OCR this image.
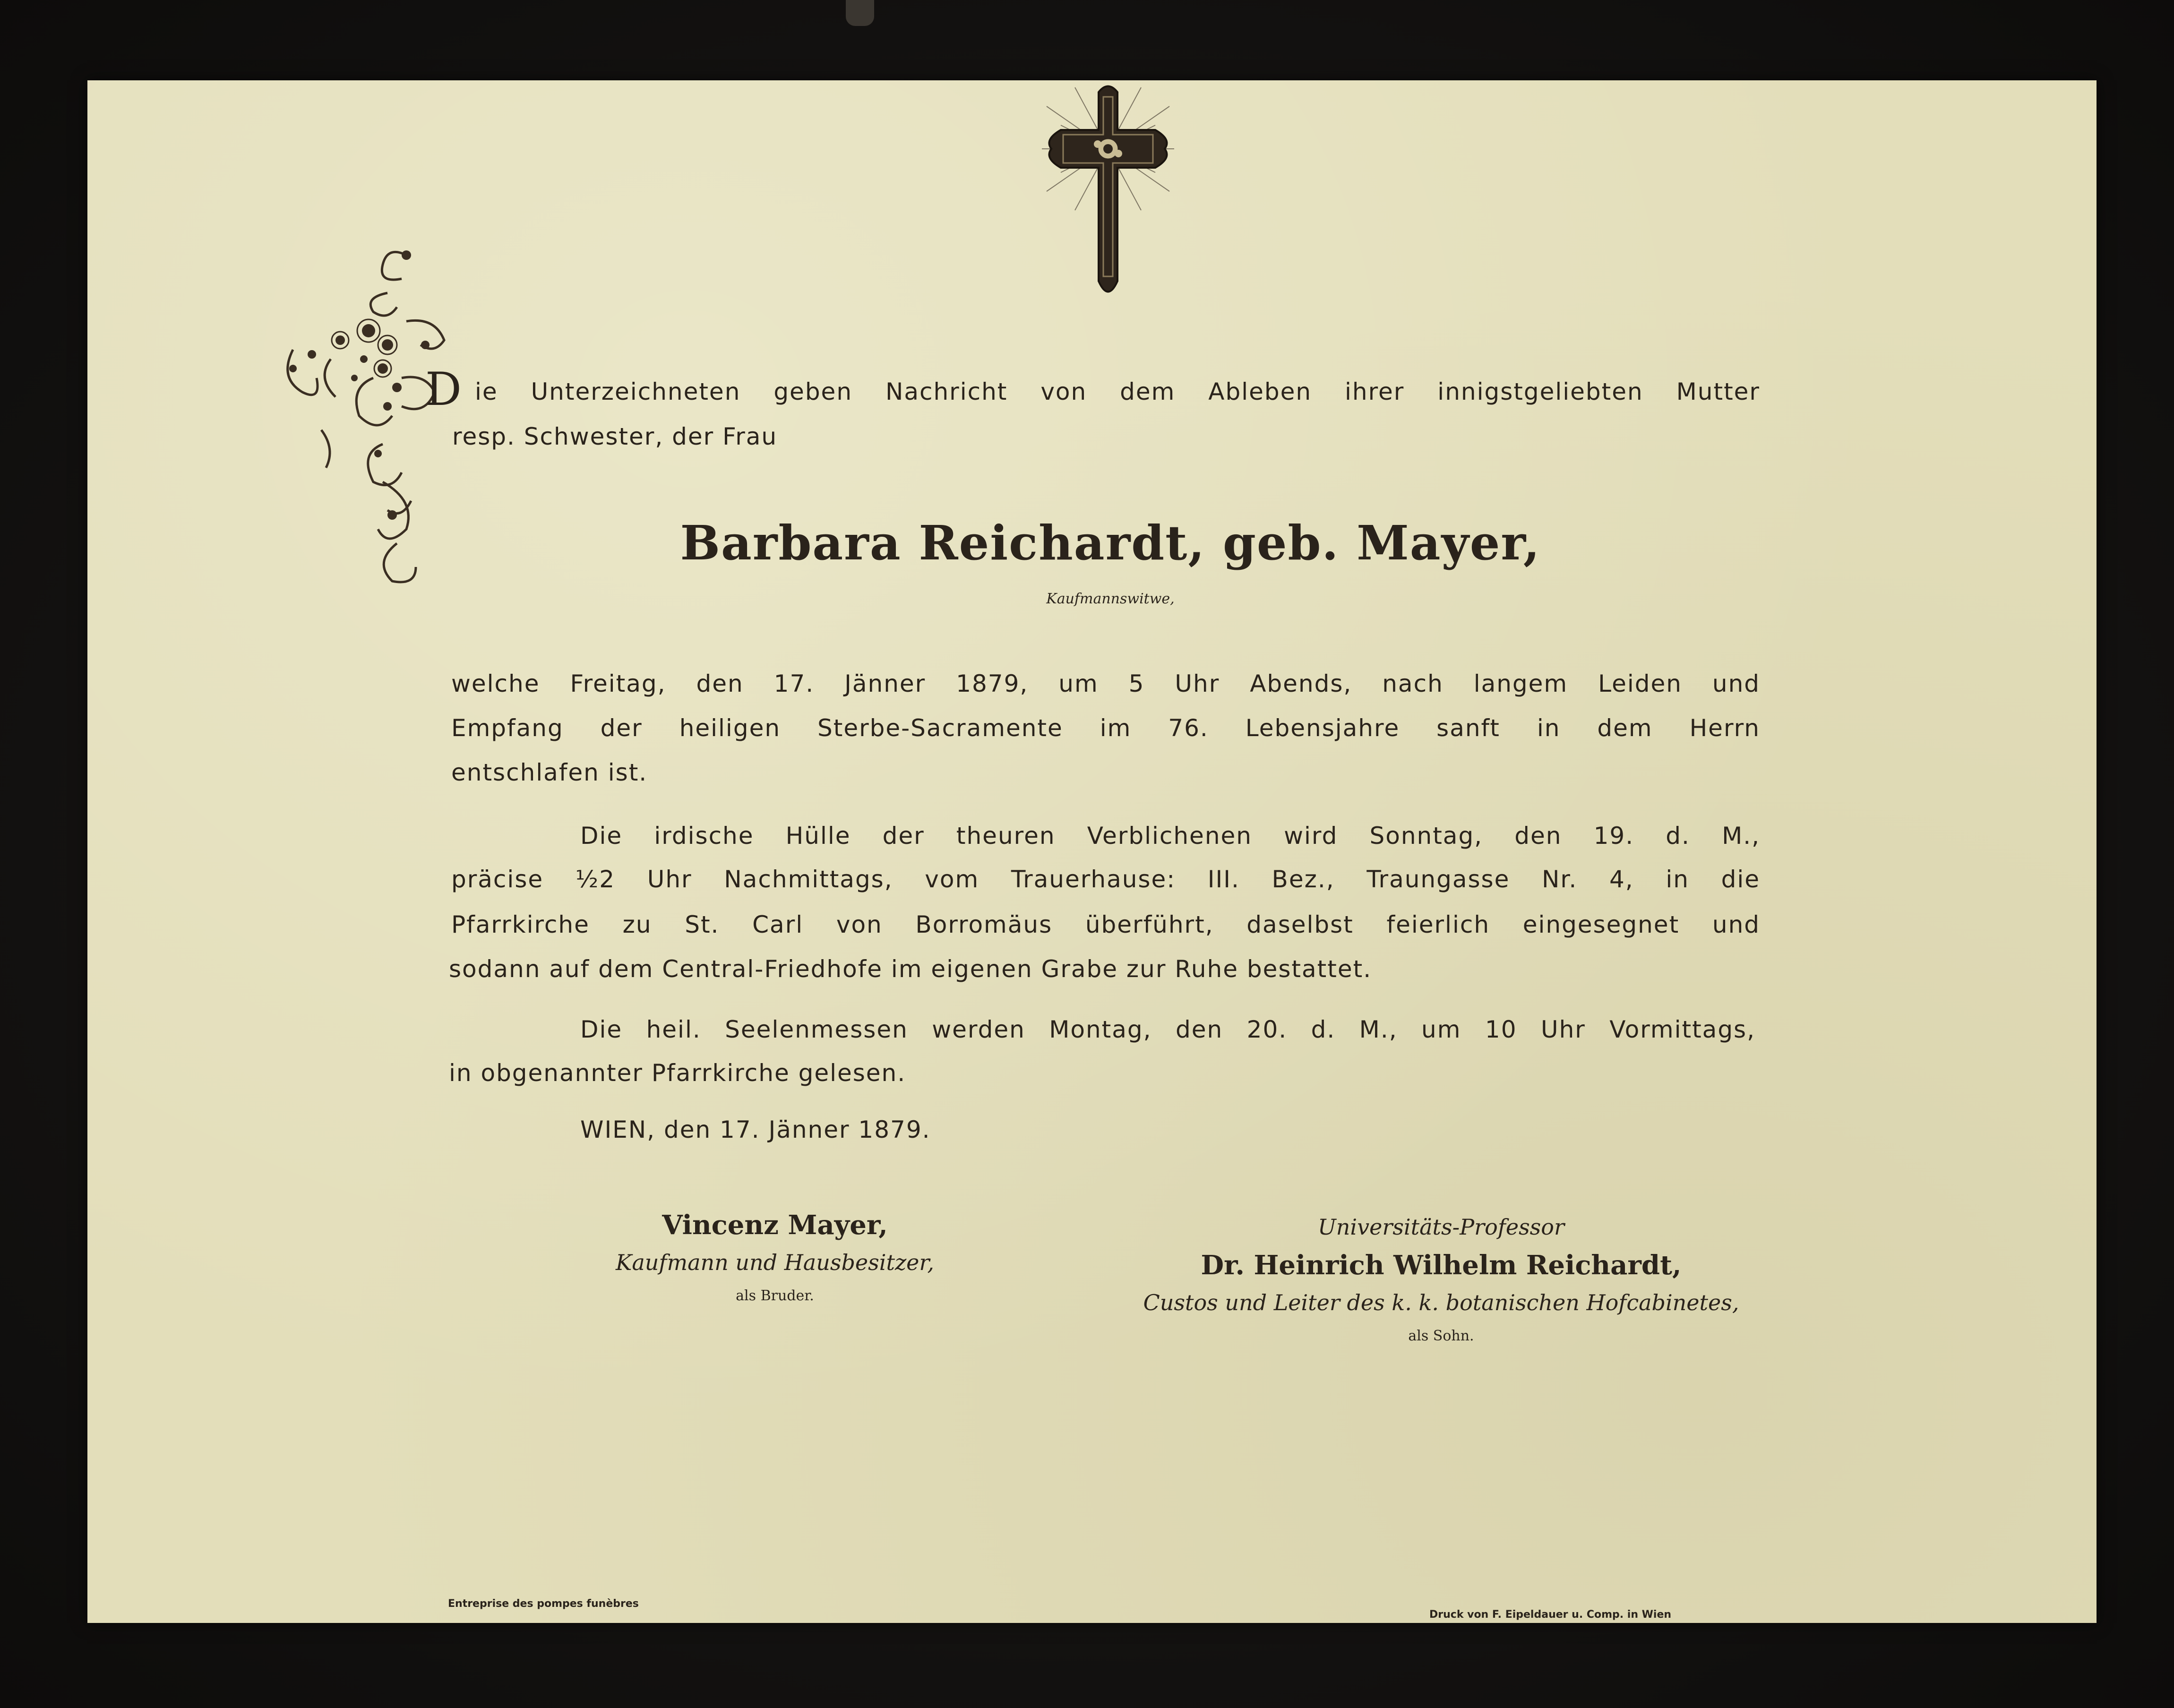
D ie Unterzeichneten geben Nachricht von dem Ableben ihrer innigstgeliebten Mutter
resp. Schwester, der Frau
Barbara Reichardt, geb. Mayer,
Kaufmannswitwe,
welche Freitag, den 17. Jänner 1879, um 5 Uhr Abends, nach langem Leiden und
Empfang der heiligen Sterbe-Sacramente im 76. Lebensjahre sanft in dem Herrn
entschlafen ist.
Die irdische Hülle der theuren Verblichenen wird Sonntag, den 19. d. M.,
präcise ½2 Uhr Nachmittags, vom Trauerhause: III. Bez., Traungasse Nr. 4, in die
Pfarrkirche zu St. Carl von Borromäus überführt, daselbst feierlich eingesegnet und
sodann auf dem Central-Friedhofe im eigenen Grabe zur Ruhe bestattet.
Die heil. Seelenmessen werden Montag, den 20. d. M., um 10 Uhr Vormittags,
in obgenannter Pfarrkirche gelesen.
WIEN, den 17. Jänner 1879.
Vincenz Mayer,
Kaufmann und Hausbesitzer,
als Bruder.
Universitäts-Professor
Dr. Heinrich Wilhelm Reichardt,
Custos und Leiter des k. k. botanischen Hofcabinetes,
als Sohn.
Entreprise des pompes funèbres
Druck von F. Eipeldauer u. Comp. in Wien
